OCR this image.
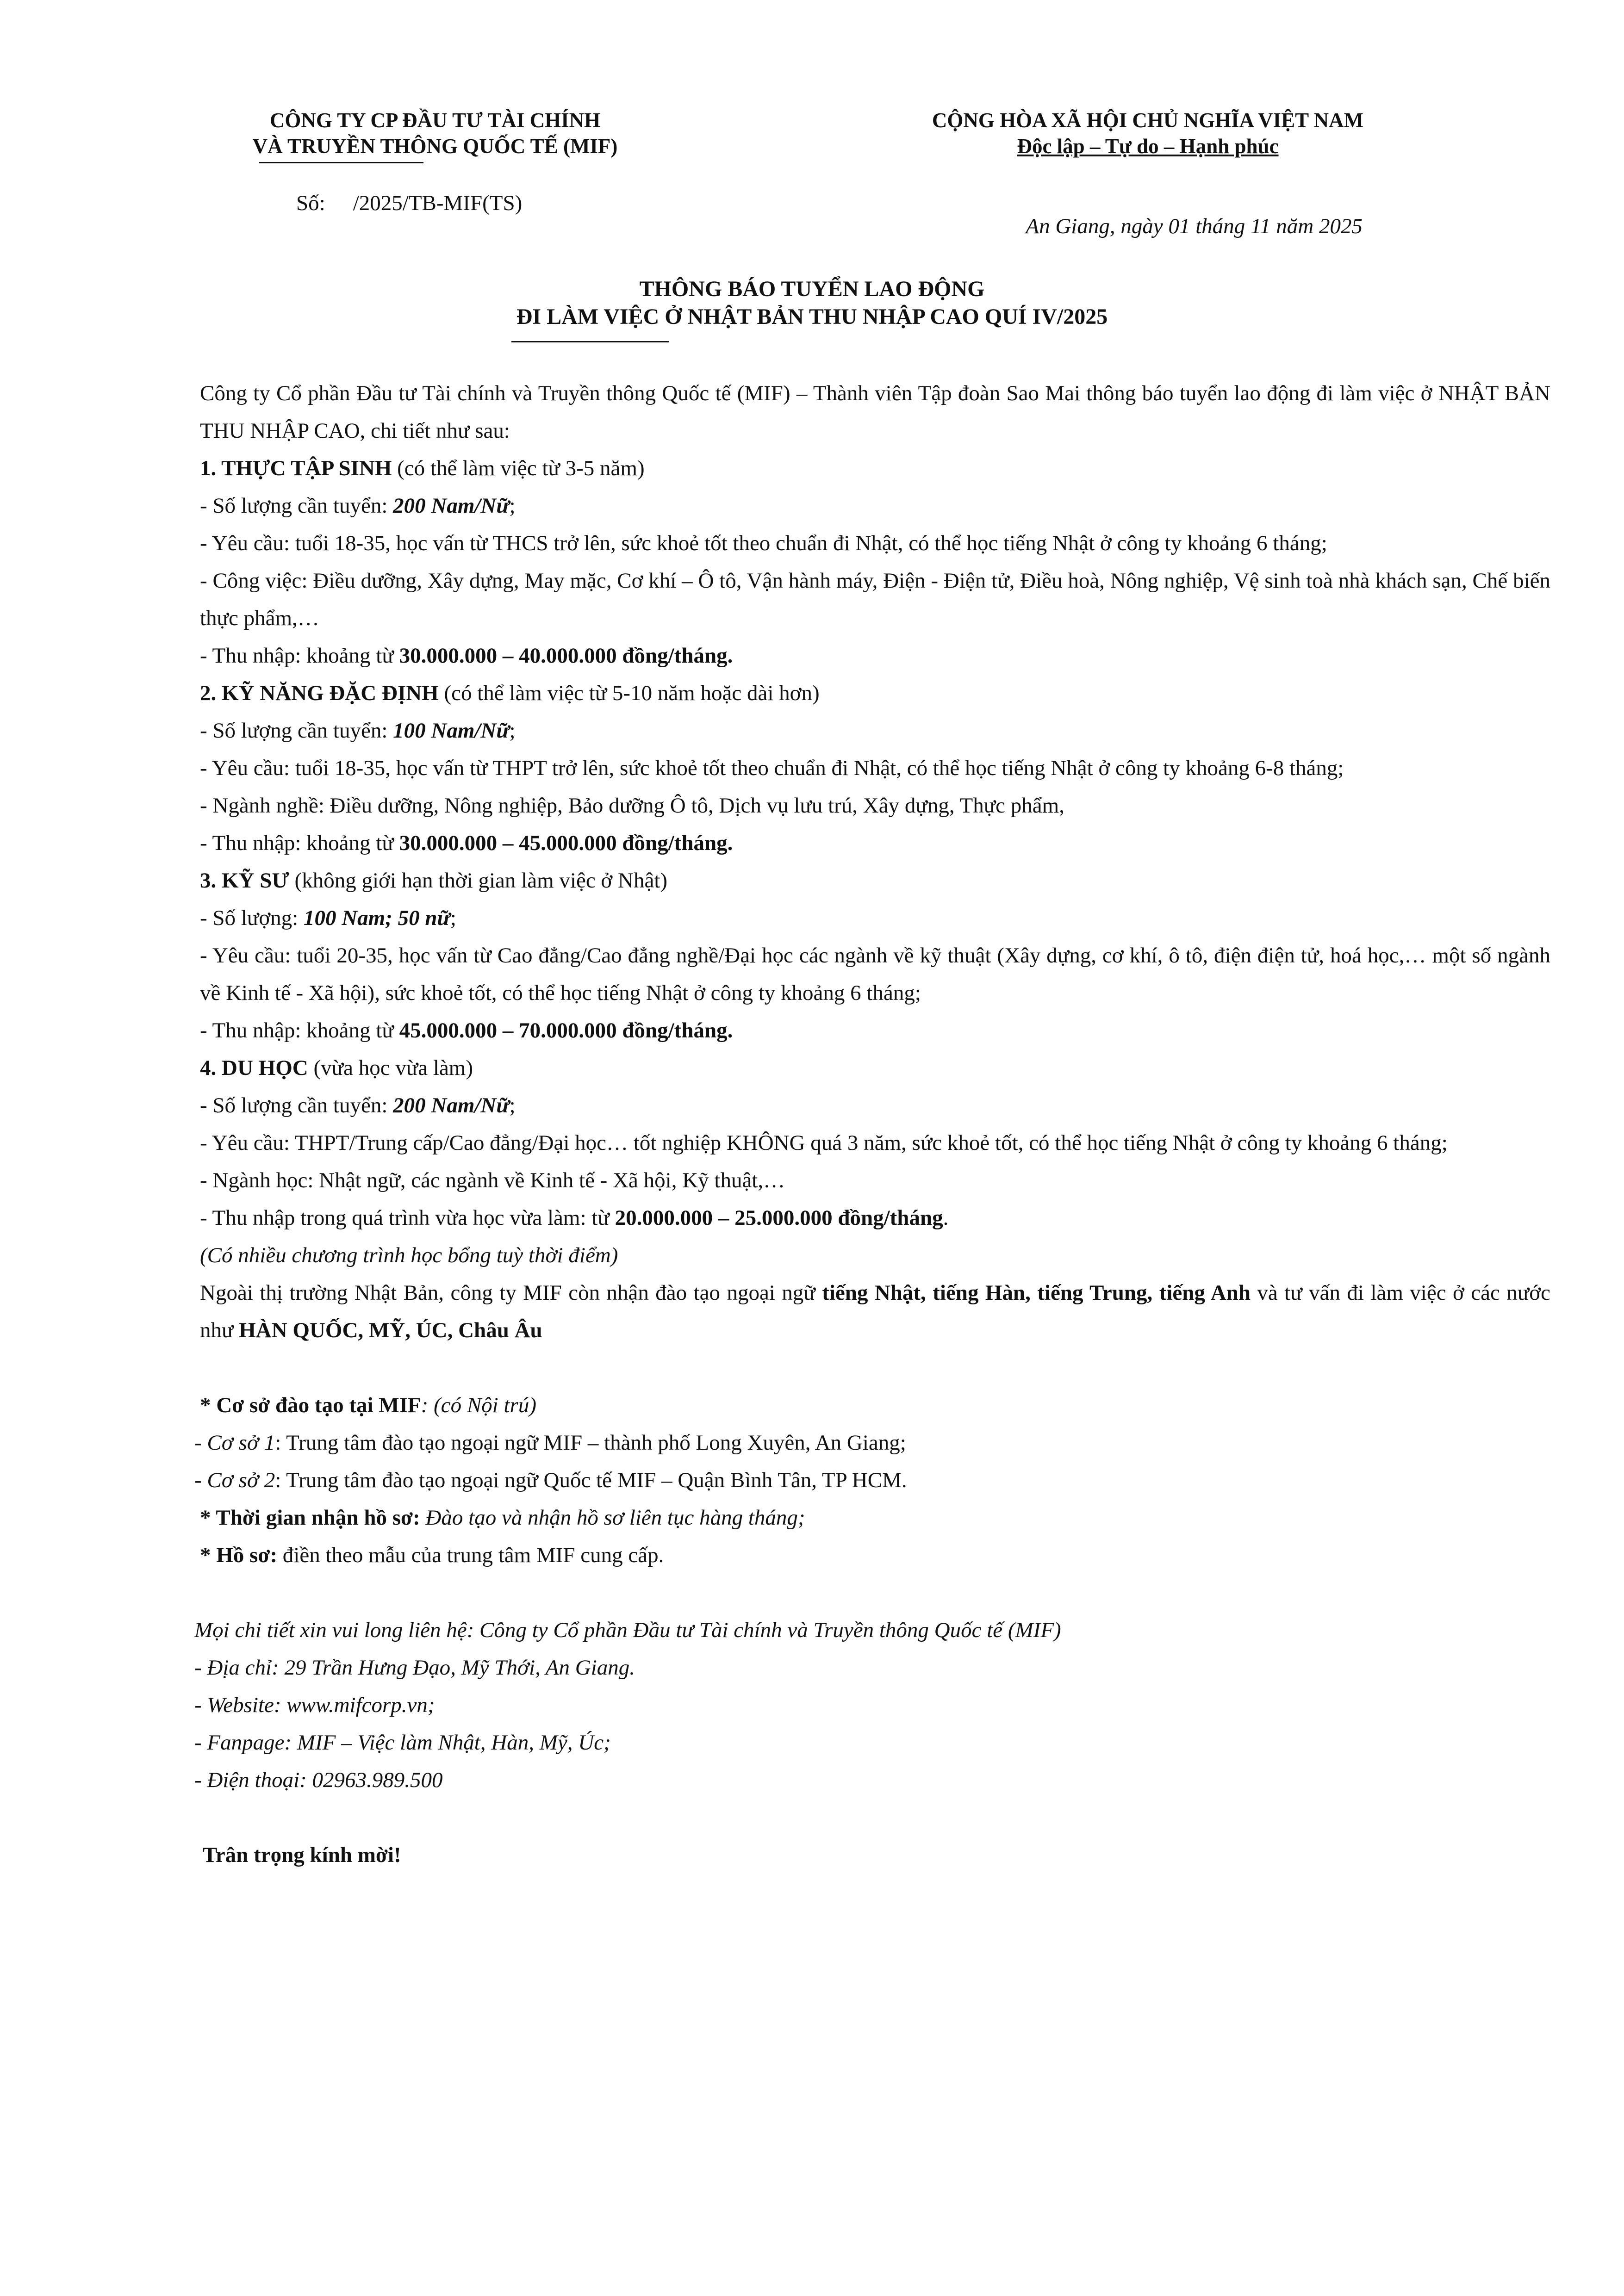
CÔNG TY CP ĐẦU TƯ TÀI CHÍNH
VÀ TRUYỀN THÔNG QUỐC TẾ (MIF)
CỘNG HÒA XÃ HỘI CHỦ NGHĨA VIỆT NAM
Độc lập – Tự do – Hạnh phúc
Số: /2025/TB-MIF(TS)
An Giang, ngày 01 tháng 11 năm 2025
THÔNG BÁO TUYỂN LAO ĐỘNG
ĐI LÀM VIỆC Ở NHẬT BẢN THU NHẬP CAO QUÍ IV/2025

Công ty Cổ phần Đầu tư Tài chính và Truyền thông Quốc tế (MIF) – Thành viên Tập đoàn Sao Mai thông báo tuyển lao động đi làm việc ở NHẬT BẢN THU NHẬP CAO, chi tiết như sau:

1. THỰC TẬP SINH (có thể làm việc từ 3-5 năm)

- Số lượng cần tuyển: 200 Nam/Nữ;

- Yêu cầu: tuổi 18-35, học vấn từ THCS trở lên, sức khoẻ tốt theo chuẩn đi Nhật, có thể học tiếng Nhật ở công ty khoảng 6 tháng;

- Công việc: Điều dưỡng, Xây dựng, May mặc, Cơ khí – Ô tô, Vận hành máy, Điện - Điện tử, Điều hoà, Nông nghiệp, Vệ sinh toà nhà khách sạn, Chế biến thực phẩm,…

- Thu nhập: khoảng từ 30.000.000 – 40.000.000 đồng/tháng.

2. KỸ NĂNG ĐẶC ĐỊNH (có thể làm việc từ 5-10 năm hoặc dài hơn)

- Số lượng cần tuyển: 100 Nam/Nữ;

- Yêu cầu: tuổi 18-35, học vấn từ THPT trở lên, sức khoẻ tốt theo chuẩn đi Nhật, có thể học tiếng Nhật ở công ty khoảng 6-8 tháng;

- Ngành nghề: Điều dưỡng, Nông nghiệp, Bảo dưỡng Ô tô, Dịch vụ lưu trú, Xây dựng, Thực phẩm,

- Thu nhập: khoảng từ 30.000.000 – 45.000.000 đồng/tháng.

3. KỸ SƯ (không giới hạn thời gian làm việc ở Nhật)

- Số lượng: 100 Nam; 50 nữ;

- Yêu cầu: tuổi 20-35, học vấn từ Cao đẳng/Cao đẳng nghề/Đại học các ngành về kỹ thuật (Xây dựng, cơ khí, ô tô, điện điện tử, hoá học,… một số ngành về Kinh tế - Xã hội), sức khoẻ tốt, có thể học tiếng Nhật ở công ty khoảng 6 tháng;

- Thu nhập: khoảng từ 45.000.000 – 70.000.000 đồng/tháng.

4. DU HỌC (vừa học vừa làm)

- Số lượng cần tuyển: 200 Nam/Nữ;

- Yêu cầu: THPT/Trung cấp/Cao đẳng/Đại học… tốt nghiệp KHÔNG quá 3 năm, sức khoẻ tốt, có thể học tiếng Nhật ở công ty khoảng 6 tháng;

- Ngành học: Nhật ngữ, các ngành về Kinh tế - Xã hội, Kỹ thuật,…

- Thu nhập trong quá trình vừa học vừa làm: từ 20.000.000 – 25.000.000 đồng/tháng.

(Có nhiều chương trình học bổng tuỳ thời điểm)

Ngoài thị trường Nhật Bản, công ty MIF còn nhận đào tạo ngoại ngữ tiếng Nhật, tiếng Hàn, tiếng Trung, tiếng Anh và tư vấn đi làm việc ở các nước như HÀN QUỐC, MỸ, ÚC, Châu Âu

* Cơ sở đào tạo tại MIF: (có Nội trú)

- Cơ sở 1: Trung tâm đào tạo ngoại ngữ MIF – thành phố Long Xuyên, An Giang;

- Cơ sở 2: Trung tâm đào tạo ngoại ngữ Quốc tế MIF – Quận Bình Tân, TP HCM.

* Thời gian nhận hồ sơ: Đào tạo và nhận hồ sơ liên tục hàng tháng;

* Hồ sơ: điền theo mẫu của trung tâm MIF cung cấp.

Mọi chi tiết xin vui long liên hệ: Công ty Cổ phần Đầu tư Tài chính và Truyền thông Quốc tế (MIF)

- Địa chỉ: 29 Trần Hưng Đạo, Mỹ Thới, An Giang.

- Website: www.mifcorp.vn;

- Fanpage: MIF – Việc làm Nhật, Hàn, Mỹ, Úc;

- Điện thoại: 02963.989.500

Trân trọng kính mời!
